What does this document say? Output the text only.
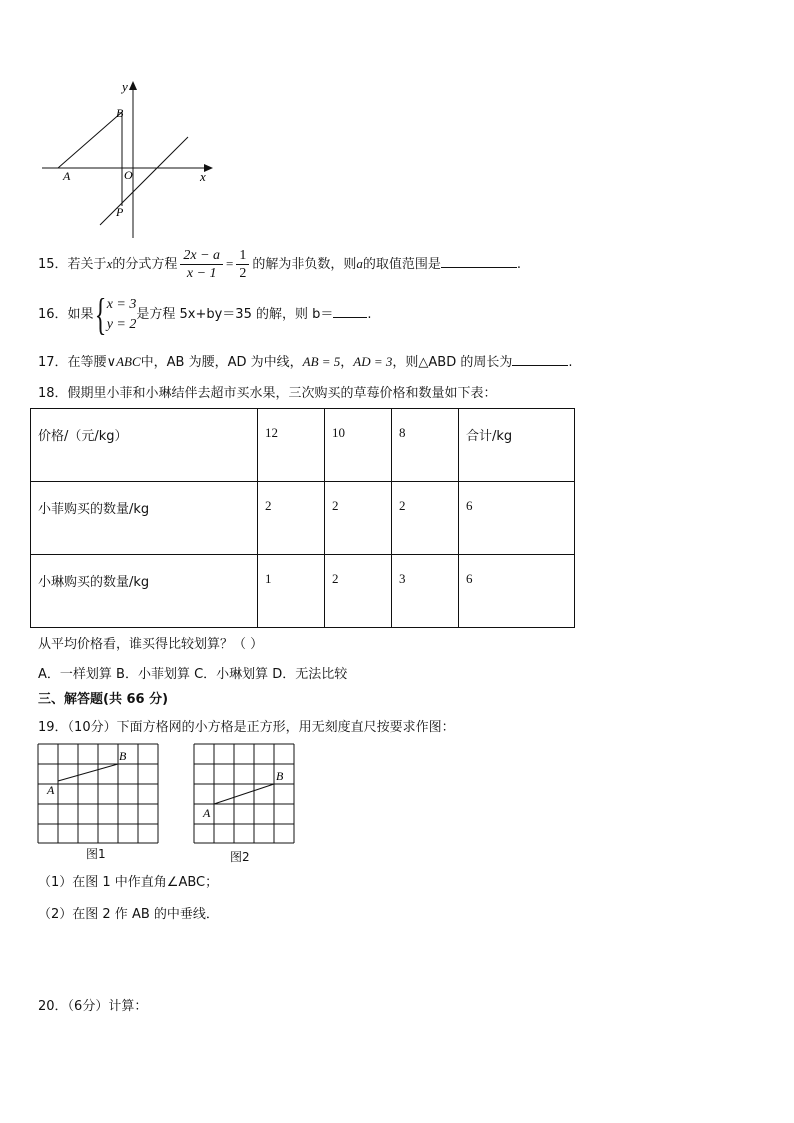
x
y
A
B
O
P
15．若关于x的分式方程 $\frac{2x - a}{x - 1} = \frac{1}{2}$ 的解为非负数，则a的取值范围是	.
16．如果{ x = 3
y = 2
是方程 5x+by＝35 的解，则 b＝	.
17．在等腰∨ABC中，AB 为腰，AD 为中线，AB = 5，AD = 3，则△ABD 的周长为	.
18．假期里小菲和小琳结伴去超市买水果，三次购买的草莓价格和数量如下表：
价格/（元/kg）	12	10	8	合计/kg
小菲购买的数量/kg	2	2	2	6
小琳购买的数量/kg	1	2	3	6
从平均价格看，谁买得比较划算？（ ）
A．一样划算 B．小菲划算 C．小琳划算 D．无法比较
三、解答题(共 66 分)
19．（10分）下面方格网的小方格是正方形，用无刻度直尺按要求作图：
A
B
图1
A
B
图2
（1）在图 1 中作直角∠ABC；
（2）在图 2 作 AB 的中垂线．
20．（6分）计算：
